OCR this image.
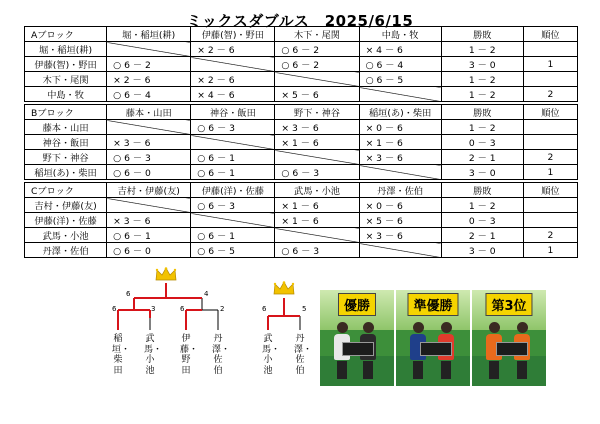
ミックスダブルス　2025/6/15
Aブロック	堀・稲垣(耕)	伊藤(智)・野田	木下・尾関	中島・牧	勝敗	順位
堀・稲垣(耕)		× 2 － 6	○ 6 － 2	× 4 － 6	1 － 2	
伊藤(智)・野田	○ 6 － 2		○ 6 － 2	○ 6 － 4	3 － 0	1
木下・尾関	× 2 － 6	× 2 － 6		○ 6 － 5	1 － 2	
中島・牧	○ 6 － 4	× 4 － 6	× 5 － 6		1 － 2	2
Bブロック	藤本・山田	神谷・飯田	野下・神谷	稲垣(あ)・柴田	勝敗	順位
藤本・山田		○ 6 － 3	× 3 － 6	× 0 － 6	1 － 2	
神谷・飯田	× 3 － 6		× 1 － 6	× 1 － 6	0 － 3	
野下・神谷	○ 6 － 3	○ 6 － 1		× 3 － 6	2 － 1	2
稲垣(あ)・柴田	○ 6 － 0	○ 6 － 1	○ 6 － 3		3 － 0	1
Cブロック	吉村・伊藤(友)	伊藤(洋)・佐藤	武馬・小池	丹澤・佐伯	勝敗	順位
吉村・伊藤(友)		○ 6 － 3	× 1 － 6	× 0 － 6	1 － 2	
伊藤(洋)・佐藤	× 3 － 6		× 1 － 6	× 5 － 6	0 － 3	
武馬・小池	○ 6 － 1	○ 6 － 1		× 3 － 6	2 － 1	2
丹澤・佐伯	○ 6 － 0	○ 6 － 5	○ 6 － 3		3 － 0	1
6	4
6	3	6	2
稲垣・柴田
武馬・小池
伊藤・野田
丹澤・佐伯
6	5
武馬・小池
丹澤・佐伯
優勝	準優勝	第3位
